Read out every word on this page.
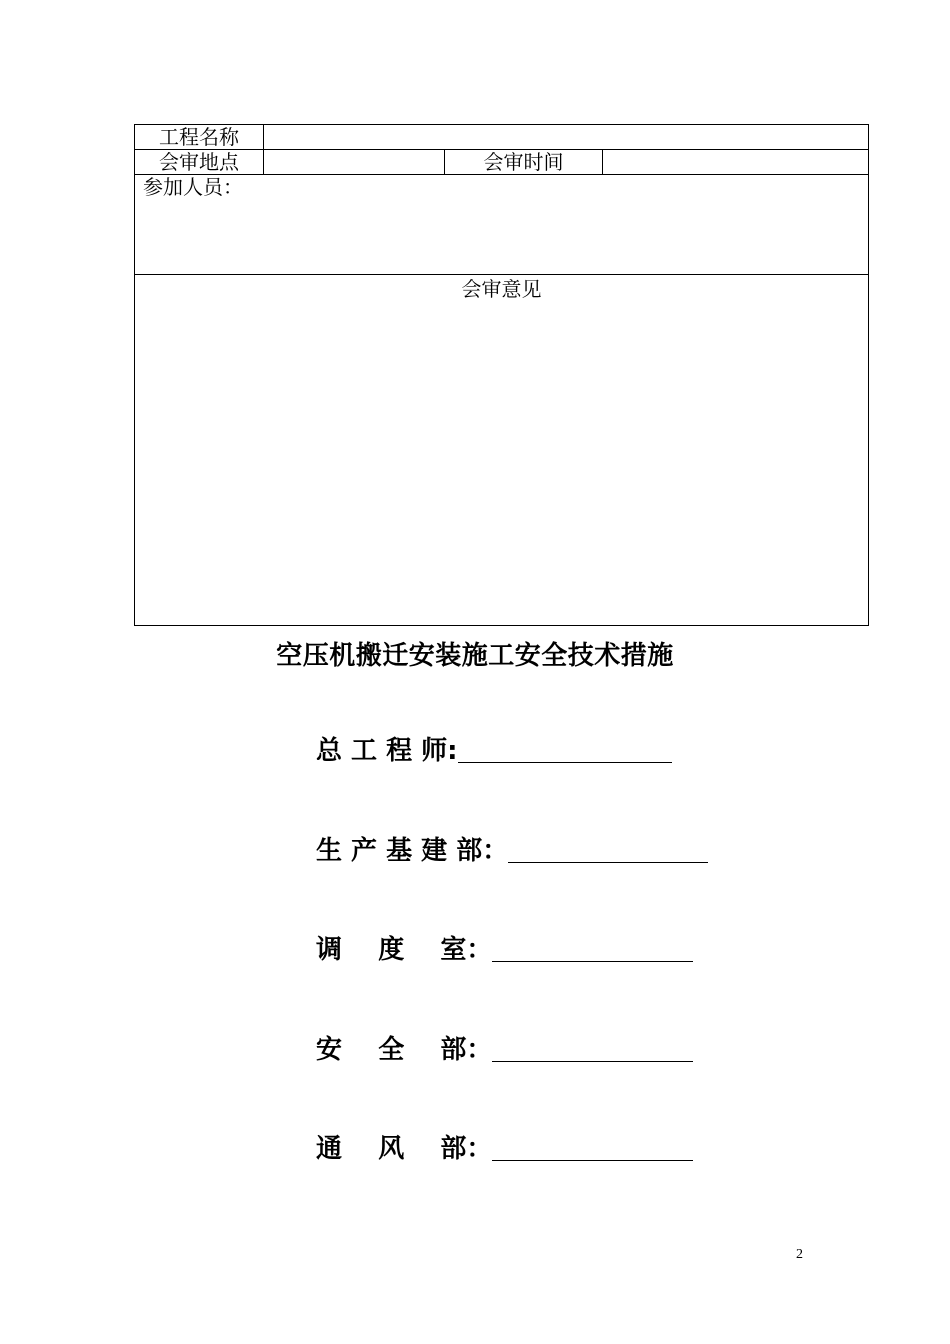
工程名称			
会审地点		会审时间	
参加人员：			
会审意见			
空压机搬迁安装施工安全技术措施
总 工 程 师:
生 产 基 建 部：
调    度    室：
安    全    部：
通    风    部：
2
